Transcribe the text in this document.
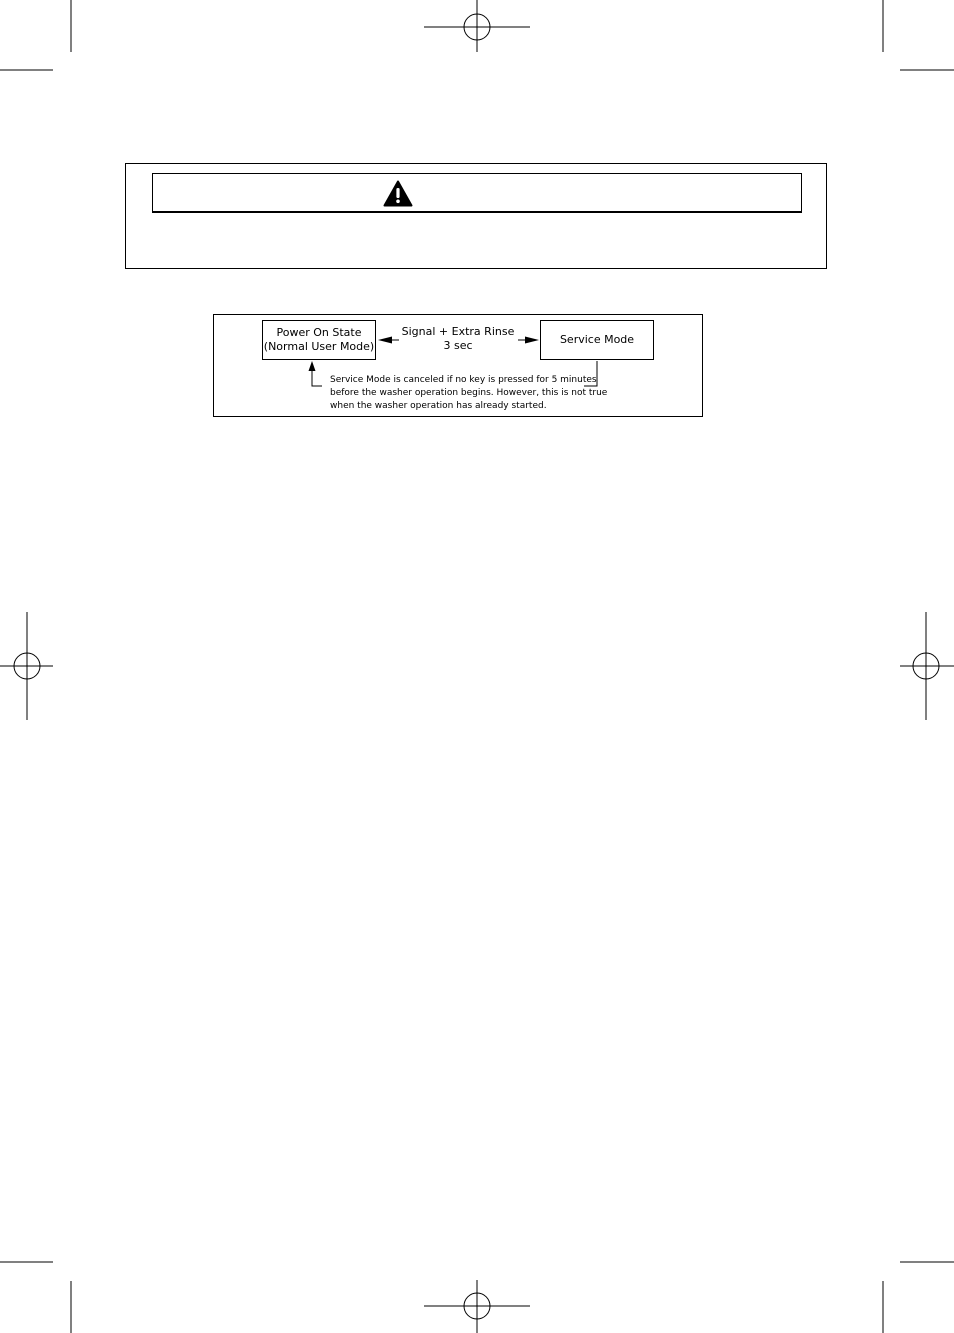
Power On State
(Normal User Mode)
Signal + Extra Rinse
3 sec	Service Mode
Service Mode is canceled if no key is pressed for 5 minutes
before the washer operation begins. However, this is not true
when the washer operation has already started.
